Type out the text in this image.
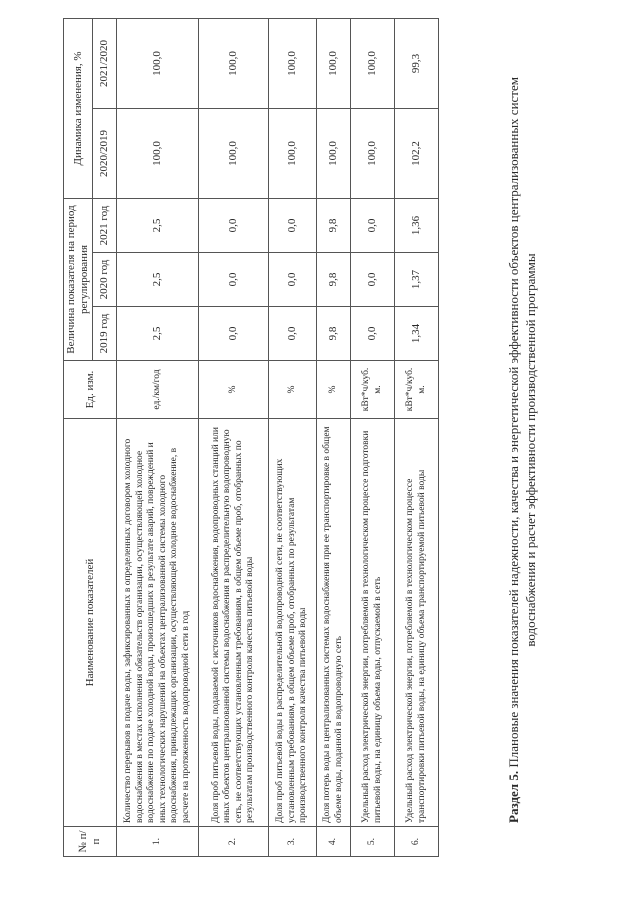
Раздел 5. Плановые значения показателей надежности, качества и энергетической эффективности объектов централизованных систем водоснабжения и расчет эффективности производственной программы
№ п/п	Наименование показателей	Ед. изм.	Величина показателя на период регулирования			Динамика изменения, %	
			2019 год	2020 год	2021 год	2020/2019	2021/2020
1.	Количество перерывов в подаче воды, зафиксированных в определенных договором холодного водоснабжения в местах исполнения обязательств организации, осуществляющей холодное водоснабжение по подаче холодной воды, произошедших в результате аварий, повреждений и иных технологических нарушений на объектах централизованной системы холодного водоснабжения, принадлежащих организации, осуществляющей холодное водоснабжение, в расчете на протяженность водопроводной сети в год	ед./км/год	2,5	2,5	2,5	100,0	100,0
2.	Доля проб питьевой воды, подаваемой с источников водоснабжения, водопроводных станций или иных объектов централизованной системы водоснабжения в распределительную водопроводную сеть, не соответствующих установленным требованиям, в общем объеме проб, отобранных по результатам производственного контроля качества питьевой воды	%	0,0	0,0	0,0	100,0	100,0
3.	Доля проб питьевой воды в распределительной водопроводной сети, не соответствующих установленным требованиям, в общем объеме проб, отобранных по результатам производственного контроля качества питьевой воды	%	0,0	0,0	0,0	100,0	100,0
4.	Доля потерь воды в централизованных системах водоснабжения при ее транспортировке в общем объеме воды, поданной в водопроводную сеть	%	9,8	9,8	9,8	100,0	100,0
5.	Удельный расход электрической энергии, потребляемой в технологическом процессе подготовки питьевой воды, на единицу объема воды, отпускаемой в сеть	кВт*ч/куб. м.	0,0	0,0	0,0	100,0	100,0
6.	Удельный расход электрической энергии, потребляемой в технологическом процессе транспортировки питьевой воды, на единицу объема транспортируемой питьевой воды	кВт*ч/куб. м.	1,34	1,37	1,36	102,2	99,3
